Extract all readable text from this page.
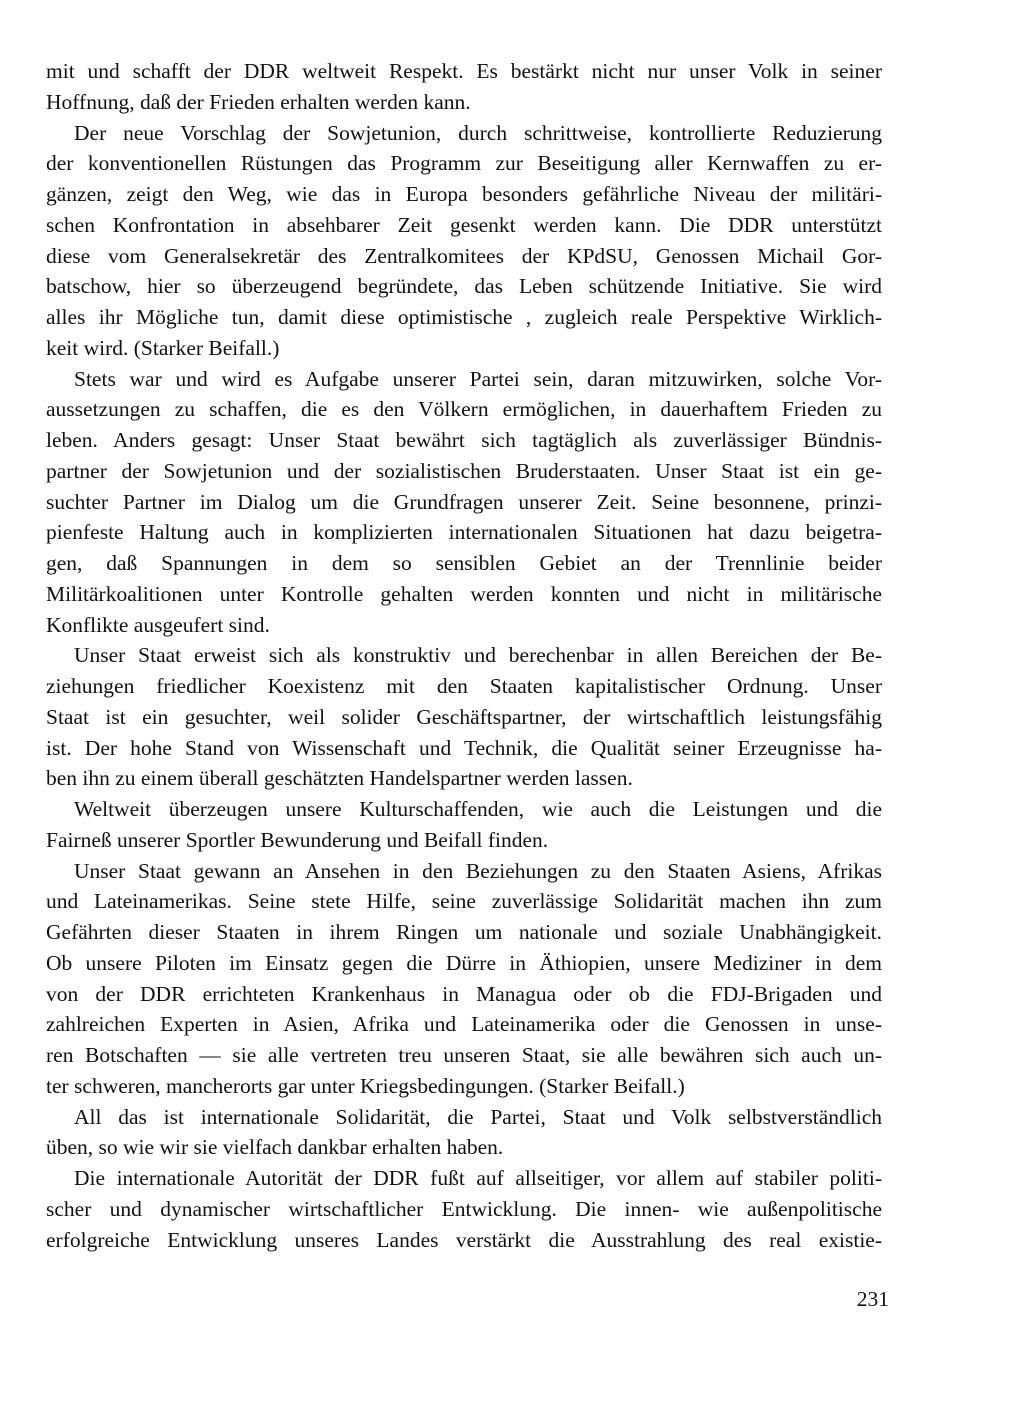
mit und schafft der DDR weltweit Respekt. Es bestärkt nicht nur unser Volk in seiner
Hoffnung, daß der Frieden erhalten werden kann.
Der neue Vorschlag der Sowjetunion, durch schrittweise, kontrollierte Reduzierung
der konventionellen Rüstungen das Programm zur Beseitigung aller Kernwaffen zu er-
gänzen, zeigt den Weg, wie das in Europa besonders gefährliche Niveau der militäri-
schen Konfrontation in absehbarer Zeit gesenkt werden kann. Die DDR unterstützt
diese vom Generalsekretär des Zentralkomitees der KPdSU, Genossen Michail Gor-
batschow, hier so überzeugend begründete, das Leben schützende Initiative. Sie wird
alles ihr Mögliche tun, damit diese optimistische , zugleich reale Perspektive Wirklich-
keit wird. (Starker Beifall.)
Stets war und wird es Aufgabe unserer Partei sein, daran mitzuwirken, solche Vor-
aussetzungen zu schaffen, die es den Völkern ermöglichen, in dauerhaftem Frieden zu
leben. Anders gesagt: Unser Staat bewährt sich tagtäglich als zuverlässiger Bündnis-
partner der Sowjetunion und der sozialistischen Bruderstaaten. Unser Staat ist ein ge-
suchter Partner im Dialog um die Grundfragen unserer Zeit. Seine besonnene, prinzi-
pienfeste Haltung auch in komplizierten internationalen Situationen hat dazu beigetra-
gen, daß Spannungen in dem so sensiblen Gebiet an der Trennlinie beider
Militärkoalitionen unter Kontrolle gehalten werden konnten und nicht in militärische
Konflikte ausgeufert sind.
Unser Staat erweist sich als konstruktiv und berechenbar in allen Bereichen der Be-
ziehungen friedlicher Koexistenz mit den Staaten kapitalistischer Ordnung. Unser
Staat ist ein gesuchter, weil solider Geschäftspartner, der wirtschaftlich leistungsfähig
ist. Der hohe Stand von Wissenschaft und Technik, die Qualität seiner Erzeugnisse ha-
ben ihn zu einem überall geschätzten Handelspartner werden lassen.
Weltweit überzeugen unsere Kulturschaffenden, wie auch die Leistungen und die
Fairneß unserer Sportler Bewunderung und Beifall finden.
Unser Staat gewann an Ansehen in den Beziehungen zu den Staaten Asiens, Afrikas
und Lateinamerikas. Seine stete Hilfe, seine zuverlässige Solidarität machen ihn zum
Gefährten dieser Staaten in ihrem Ringen um nationale und soziale Unabhängigkeit.
Ob unsere Piloten im Einsatz gegen die Dürre in Äthiopien, unsere Mediziner in dem
von der DDR errichteten Krankenhaus in Managua oder ob die FDJ-Brigaden und
zahlreichen Experten in Asien, Afrika und Lateinamerika oder die Genossen in unse-
ren Botschaften — sie alle vertreten treu unseren Staat, sie alle bewähren sich auch un-
ter schweren, mancherorts gar unter Kriegsbedingungen. (Starker Beifall.)
All das ist internationale Solidarität, die Partei, Staat und Volk selbstverständlich
üben, so wie wir sie vielfach dankbar erhalten haben.
Die internationale Autorität der DDR fußt auf allseitiger, vor allem auf stabiler politi-
scher und dynamischer wirtschaftlicher Entwicklung. Die innen- wie außenpolitische
erfolgreiche Entwicklung unseres Landes verstärkt die Ausstrahlung des real existie-
231
